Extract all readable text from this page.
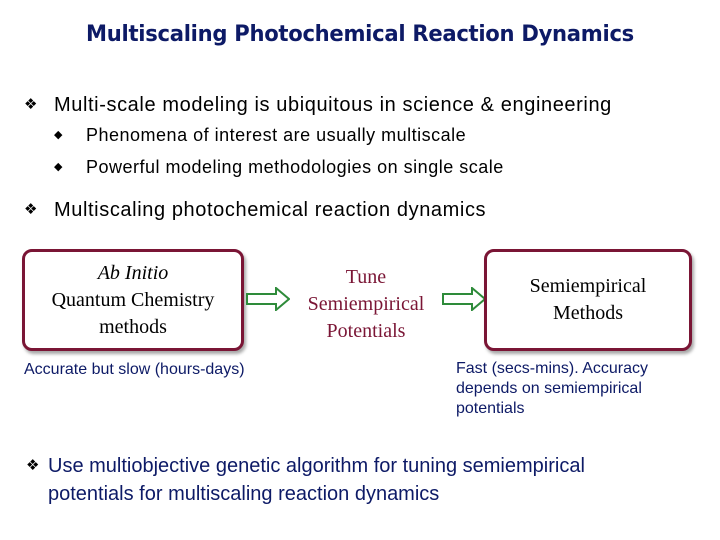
Multiscaling Photochemical Reaction Dynamics
❖ Multi-scale modeling is ubiquitous in science & engineering
◆ Phenomena of interest are usually multiscale
◆ Powerful modeling methodologies on single scale
❖ Multiscaling photochemical reaction dynamics
Ab Initio
Quantum Chemistry
methods
Tune
Semiempirical
Potentials
Semiempirical
Methods
Accurate but slow (hours-days)	Fast (secs-mins). Accuracy
depends on semiempirical
potentials
❖ Use multiobjective genetic algorithm for tuning semiempirical
potentials for multiscaling reaction dynamics
